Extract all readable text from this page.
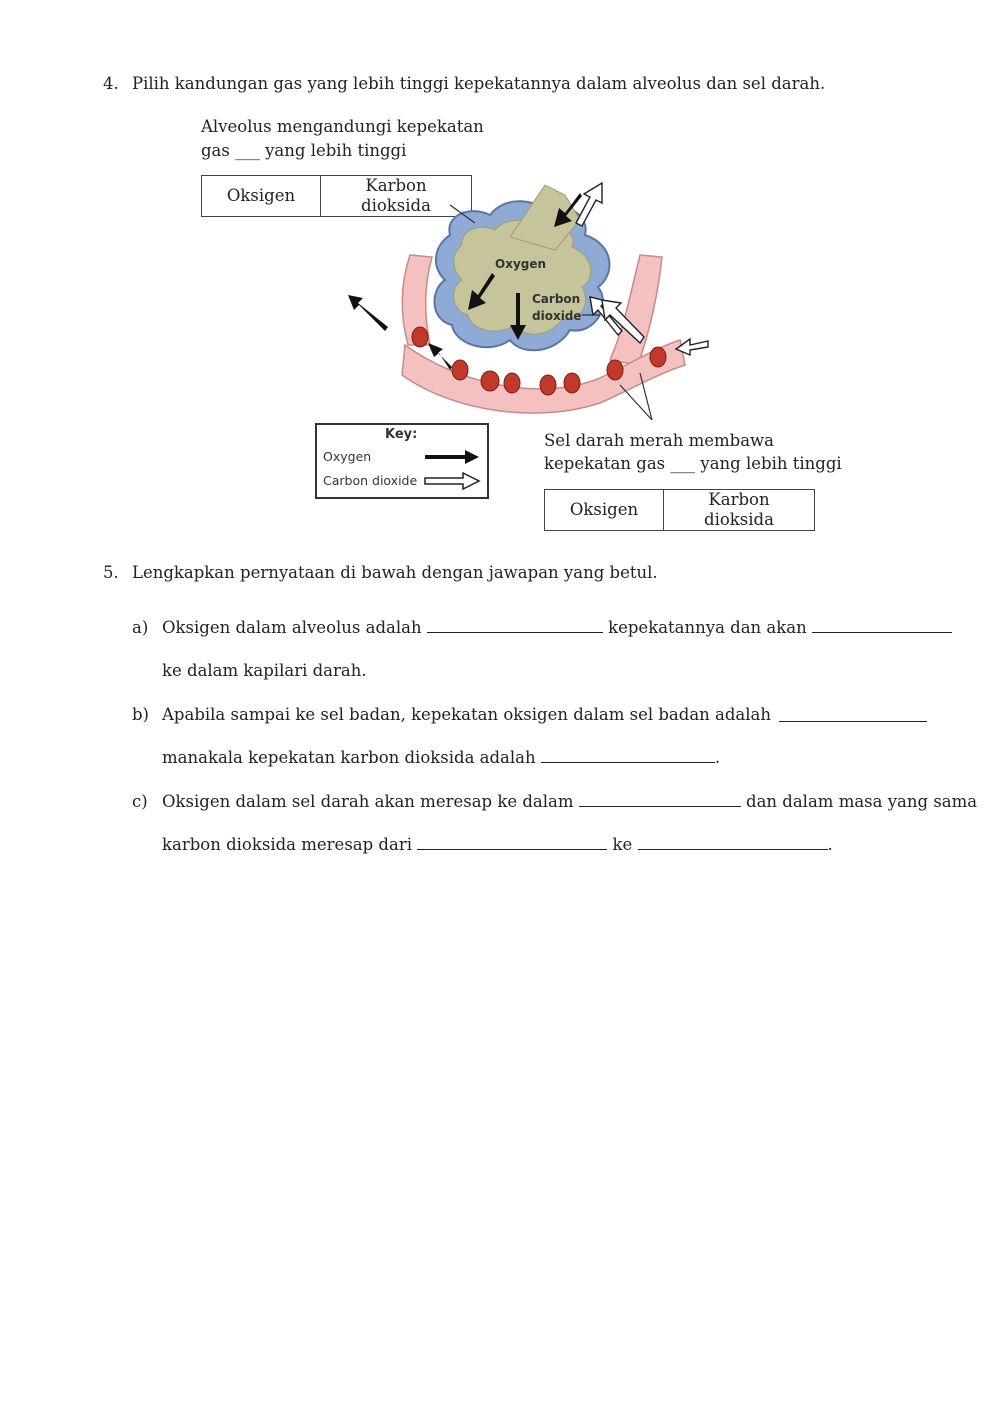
4. Pilih kandungan gas yang lebih tinggi kepekatannya dalam alveolus dan sel darah.
Alveolus mengandungi kepekatan
gas ___ yang lebih tinggi
Oksigen	Karbon dioksida
Oxygen
Carbon
dioxide
Key:
Oxygen
Carbon dioxide
Sel darah merah membawa
kepekatan gas ___ yang lebih tinggi
Oksigen	Karbon dioksida
5. Lengkapkan pernyataan di bawah dengan jawapan yang betul.
a) Oksigen dalam alveolus adalah	kepekatannya dan akan
ke dalam kapilari darah.
b) Apabila sampai ke sel badan, kepekatan oksigen dalam sel badan adalah
manakala kepekatan karbon dioksida adalah	.
c) Oksigen dalam sel darah akan meresap ke dalam	dan dalam masa yang sama
karbon dioksida meresap dari	ke	.
